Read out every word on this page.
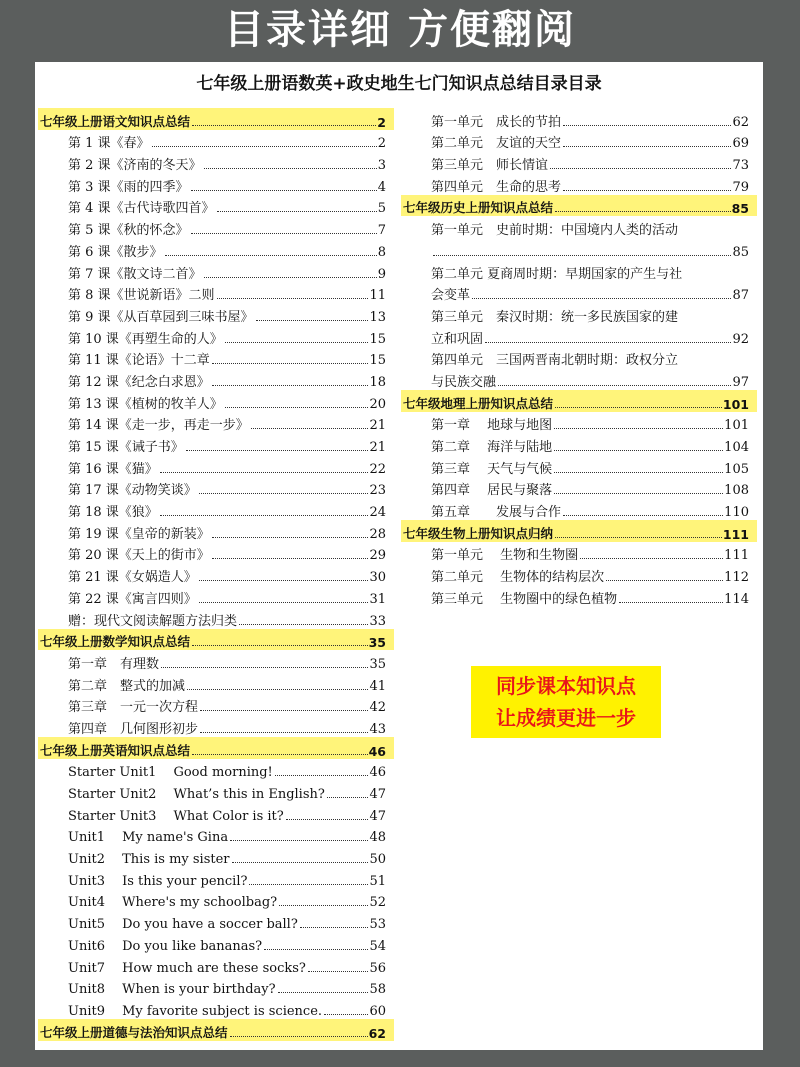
目录详细 方便翻阅
七年级上册语数英+政史地生七门知识点总结目录目录
七年级上册语文知识点总结	2
第 1 课《春》	2
第 2 课《济南的冬天》	3
第 3 课《雨的四季》	4
第 4 课《古代诗歌四首》	5
第 5 课《秋的怀念》	7
第 6 课《散步》	8
第 7 课《散文诗二首》	9
第 8 课《世说新语》二则	11
第 9 课《从百草园到三味书屋》	13
第 10 课《再塑生命的人》	15
第 11 课《论语》十二章	15
第 12 课《纪念白求恩》	18
第 13 课《植树的牧羊人》	20
第 14 课《走一步，再走一步》	21
第 15 课《诫子书》	21
第 16 课《猫》	22
第 17 课《动物笑谈》	23
第 18 课《狼》	24
第 19 课《皇帝的新装》	28
第 20 课《天上的街市》	29
第 21 课《女娲造人》	30
第 22 课《寓言四则》	31
赠：现代文阅读解题方法归类	33
七年级上册数学知识点总结	35
第一章　有理数	35
第二章　整式的加减	41
第三章　一元一次方程	42
第四章　几何图形初步	43
七年级上册英语知识点总结	46
Starter Unit1　 Good morning!	46
Starter Unit2　 What’s this in English?	47
Starter Unit3　 What Color is it?	47
Unit1　 My name's Gina	48
Unit2　 This is my sister	50
Unit3　 Is this your pencil?	51
Unit4　 Where's my schoolbag?	52
Unit5　 Do you have a soccer ball?	53
Unit6　 Do you like bananas?	54
Unit7　 How much are these socks?	56
Unit8　 When is your birthday?	58
Unit9　 My favorite subject is science.	60
七年级上册道德与法治知识点总结	62
第一单元　成长的节拍	62
第二单元　友谊的天空	69
第三单元　师长情谊	73
第四单元　生命的思考	79
七年级历史上册知识点总结	85
第一单元　史前时期：中国境内人类的活动
85
第二单元 夏商周时期：早期国家的产生与社
会变革	87
第三单元　秦汉时期：统一多民族国家的建
立和巩固	92
第四单元　三国两晋南北朝时期：政权分立
与民族交融	97
七年级地理上册知识点总结	101
第一章　 地球与地图	101
第二章　 海洋与陆地	104
第三章　 天气与气候	105
第四章　 居民与聚落	108
第五章　　发展与合作	110
七年级生物上册知识点归纳	111
第一单元　 生物和生物圈	111
第二单元　 生物体的结构层次	112
第三单元　 生物圈中的绿色植物	114
同步课本知识点
让成绩更进一步
